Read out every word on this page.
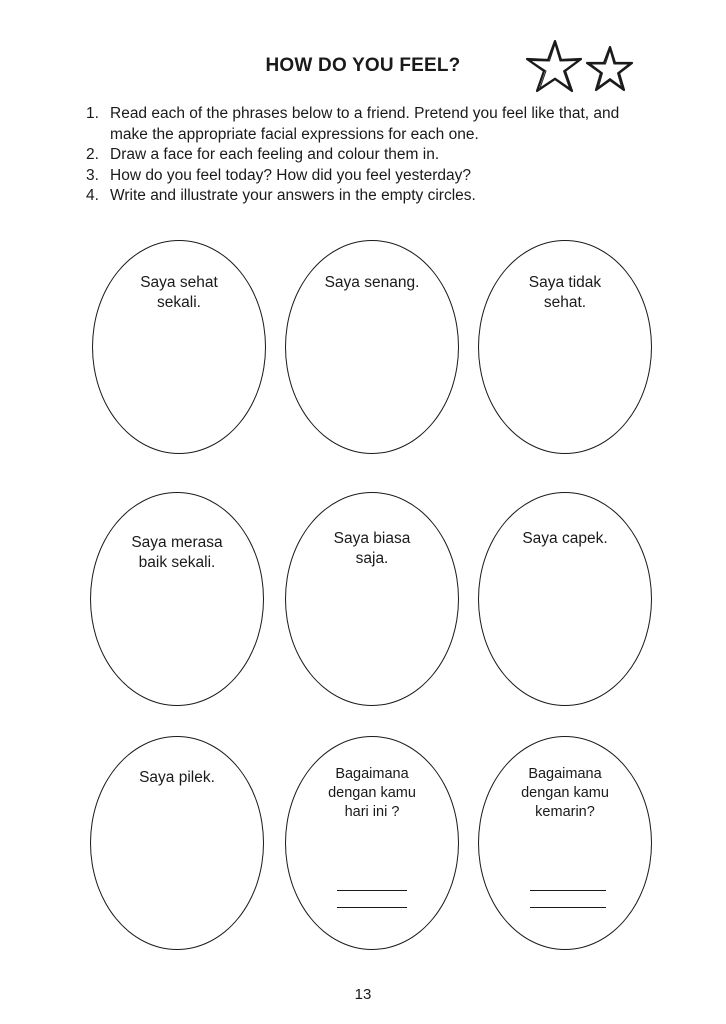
HOW DO YOU FEEL?
1. Read each of the phrases below to a friend. Pretend you feel like that, and make the appropriate facial expressions for each one.
2. Draw a face for each feeling and colour them in.
3. How do you feel today? How did you feel yesterday?
4. Write and illustrate your answers in the empty circles.
Saya sehat
sekali.
Saya senang.	Saya tidak
sehat.
Saya merasa
baik sekali.
Saya biasa
saja.
Saya capek.
Saya pilek.	Bagaimana
dengan kamu
hari ini ?
Bagaimana
dengan kamu
kemarin?
13
